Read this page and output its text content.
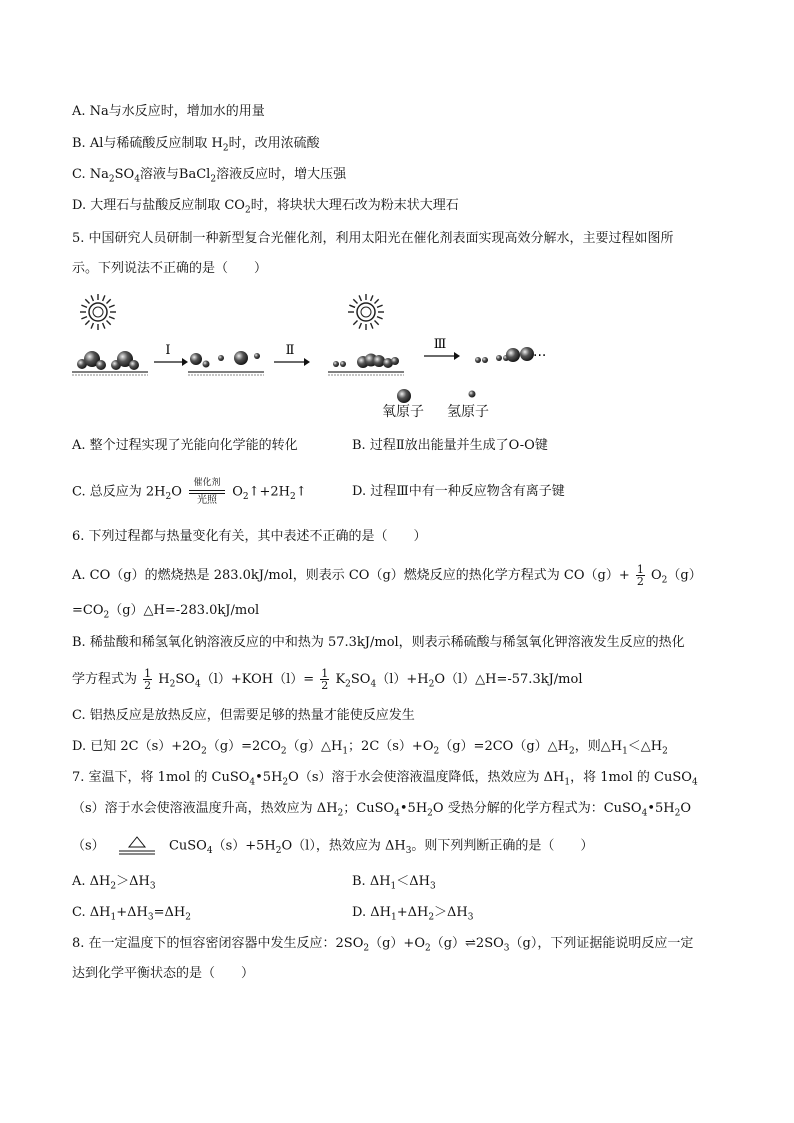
A. Na与水反应时，增加水的用量
B. Al与稀硫酸反应制取 $H_2$时，改用浓硫酸
C. $Na_2SO_4$溶液与BaCl$_2$溶液反应时，增大压强
D. 大理石与盐酸反应制取 $CO_2$时，将块状大理石改为粉末状大理石
5. 中国研究人员研制一种新型复合光催化剂，利用太阳光在催化剂表面实现高效分解水，主要过程如图所
示。下列说法不正确的是（　　）
Ⅰ	Ⅱ	Ⅲ
···
氧原子 氢原子
A. 整个过程实现了光能向化学能的转化	B. 过程Ⅱ放出能量并生成了O-O键
C. 总反应为 $2H_2O$
催化剂
光照
$O_2↑+2H_2↑$	D. 过程Ⅲ中有一种反应物含有离子键
6. 下列过程都与热量变化有关，其中表述不正确的是（　　）
A. CO（g）的燃烧热是 283.0kJ/mol，则表示 CO（g）燃烧反应的热化学方程式为 $CO(g)+ \frac{1}{2} O_2(g)$
$=CO_2(g)\triangle H=-283.0kJ$/mol
B. 稀盐酸和稀氢氧化钠溶液反应的中和热为 57.3kJ/mol，则表示稀硫酸与稀氢氧化钾溶液发生反应的热化
学方程式为 $\frac{1}{2} H_2SO_4(l)+KOH(l)= \frac{1}{2}$ $K_2SO_4(l)+H_2O(l)\triangle H=-57.3kJ$/mol
C. 铝热反应是放热反应，但需要足够的热量才能使反应发生
D. 已知 $2C(s)+2O_2(g)=2CO_2(g)\triangle H_1$；$2C(s)+O_2(g)=2CO(g)\triangle H_2$，则$\triangle H_1<\triangle H_2$
7. 室温下，将 1mol 的 $CuSO_4•5H_2O(s)$溶于水会使溶液温度降低，热效应为 $\Delta H_1$，将 1mol 的 CuSO$_4$
（s）溶于水会使溶液温度升高，热效应为 $\Delta H_2$；$CuSO_4•5H_2O$ 受热分解的化学方程式为：$CuSO_4•5H_2O$
（s）	$CuSO_4(s)+5H_2O(l)$，热效应为 $\Delta H_3$。则下列判断正确的是（　　）
A. $\Delta H_2>\Delta H_3$	B. $\Delta H_1<\Delta H_3$
C. $\Delta H_1+\Delta H_3=\Delta H_2$	D. $\Delta H_1+\Delta H_2>\Delta H_3$
8. 在一定温度下的恒容密闭容器中发生反应：$2SO_2(g)+O_2(g)\rightleftharpoons 2SO_3(g)$，下列证据能说明反应一定
达到化学平衡状态的是（　　）
